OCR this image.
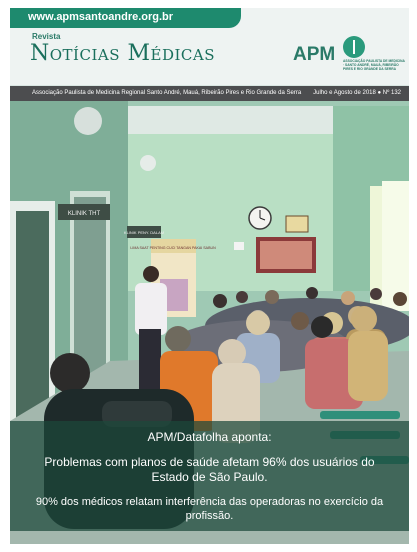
Revista
Notícias Médicas	APM ASSOCIAÇÃO PAULISTA DE MEDICINA · SANTO ANDRÉ, MAUÁ, RIBEIRÃO PIRES E RIO GRANDE DA SERRA
www.apmsantoandre.org.br
Associação Paulista de Medicina Regional Santo André, Mauá, Ribeirão Pires e Rio Grande da Serra Julho e Agosto de 2018 ● Nº 132
KLINIK THT
KLINIK PENY. DALAM
LIMA SAAT PENTING CUCI TANGAN PAKAI SABUN
APM/Datafolha aponta:
Problemas com planos de saúde afetam 96% dos usuários do Estado de São Paulo.
90% dos médicos relatam interferência das operadoras no exercício da profissão.
